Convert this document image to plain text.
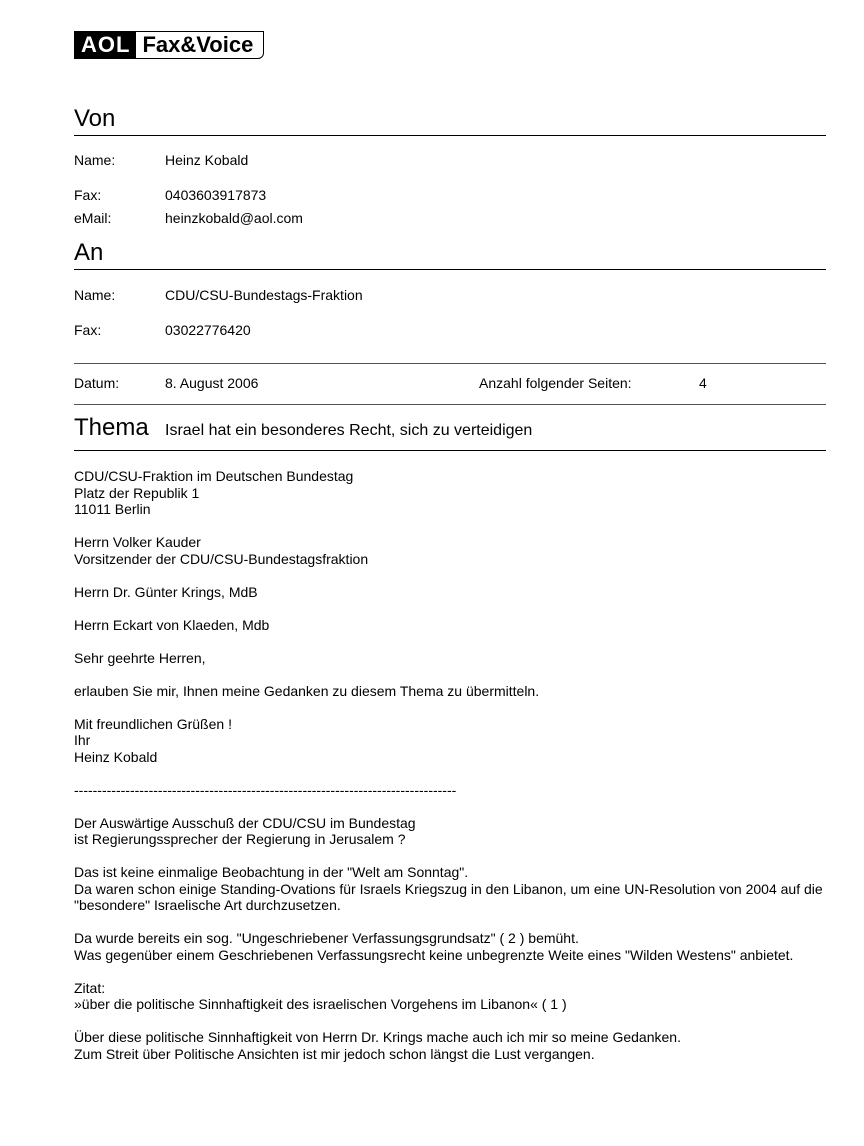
AOL Fax&Voice
Von
Name:	Heinz Kobald
Fax:	0403603917873
eMail:	heinzkobald@aol.com
An
Name:	CDU/CSU-Bundestags-Fraktion
Fax:	03022776420
Datum:	8. August 2006	Anzahl folgender Seiten:	4
Thema Israel hat ein besonderes Recht, sich zu verteidigen

CDU/CSU-Fraktion im Deutschen Bundestag
Platz der Republik 1
11011 Berlin

Herrn Volker Kauder
Vorsitzender der CDU/CSU-Bundestagsfraktion

Herrn Dr. Günter Krings, MdB

Herrn Eckart von Klaeden, Mdb

Sehr geehrte Herren,

erlauben Sie mir, Ihnen meine Gedanken zu diesem Thema zu übermitteln.

Mit freundlichen Grüßen !
Ihr
Heinz Kobald

----------------------------------------------------------------------------------

Der Auswärtige Ausschuß der CDU/CSU im Bundestag
ist Regierungssprecher der Regierung in Jerusalem ?

Das ist keine einmalige Beobachtung in der "Welt am Sonntag".
Da waren schon einige Standing-Ovations für Israels Kriegszug in den Libanon, um eine UN-Resolution von 2004 auf die "besondere" Israelische Art durchzusetzen.

Da wurde bereits ein sog. "Ungeschriebener Verfassungsgrundsatz" ( 2 ) bemüht.
Was gegenüber einem Geschriebenen Verfassungsrecht keine unbegrenzte Weite eines "Wilden Westens" anbietet.

Zitat:
»über die politische Sinnhaftigkeit des israelischen Vorgehens im Libanon« ( 1 )

Über diese politische Sinnhaftigkeit von Herrn Dr. Krings mache auch ich mir so meine Gedanken.
Zum Streit über Politische Ansichten ist mir jedoch schon längst die Lust vergangen.
